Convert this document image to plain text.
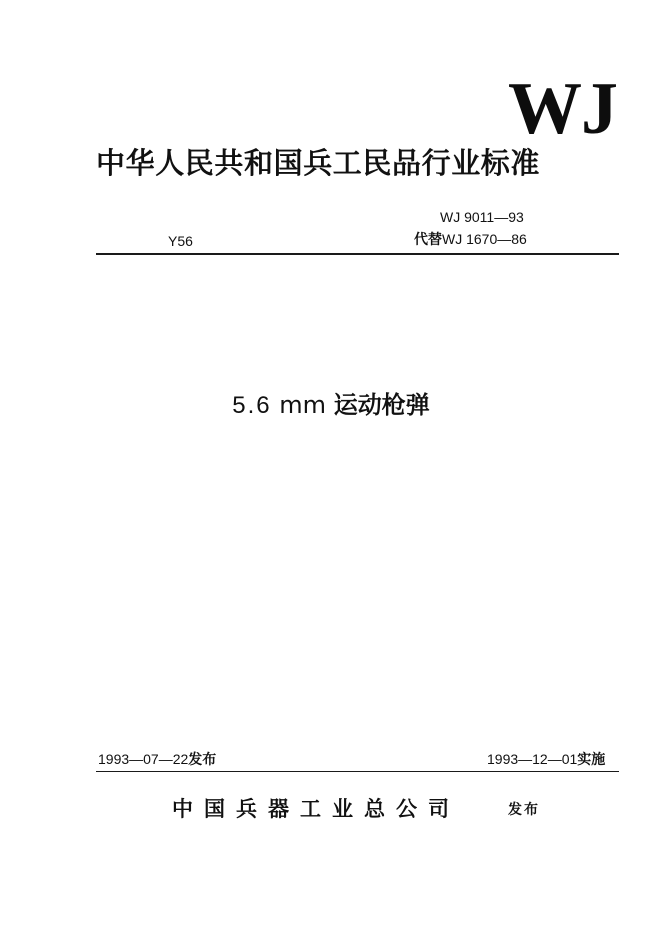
WJ
中华人民共和国兵工民品行业标准
WJ 9011—93
代替WJ 1670—86
Y56
5.6 mm 运动枪弹
1993—07—22发布	1993—12—01实施
中国兵器工业总公司	发布
